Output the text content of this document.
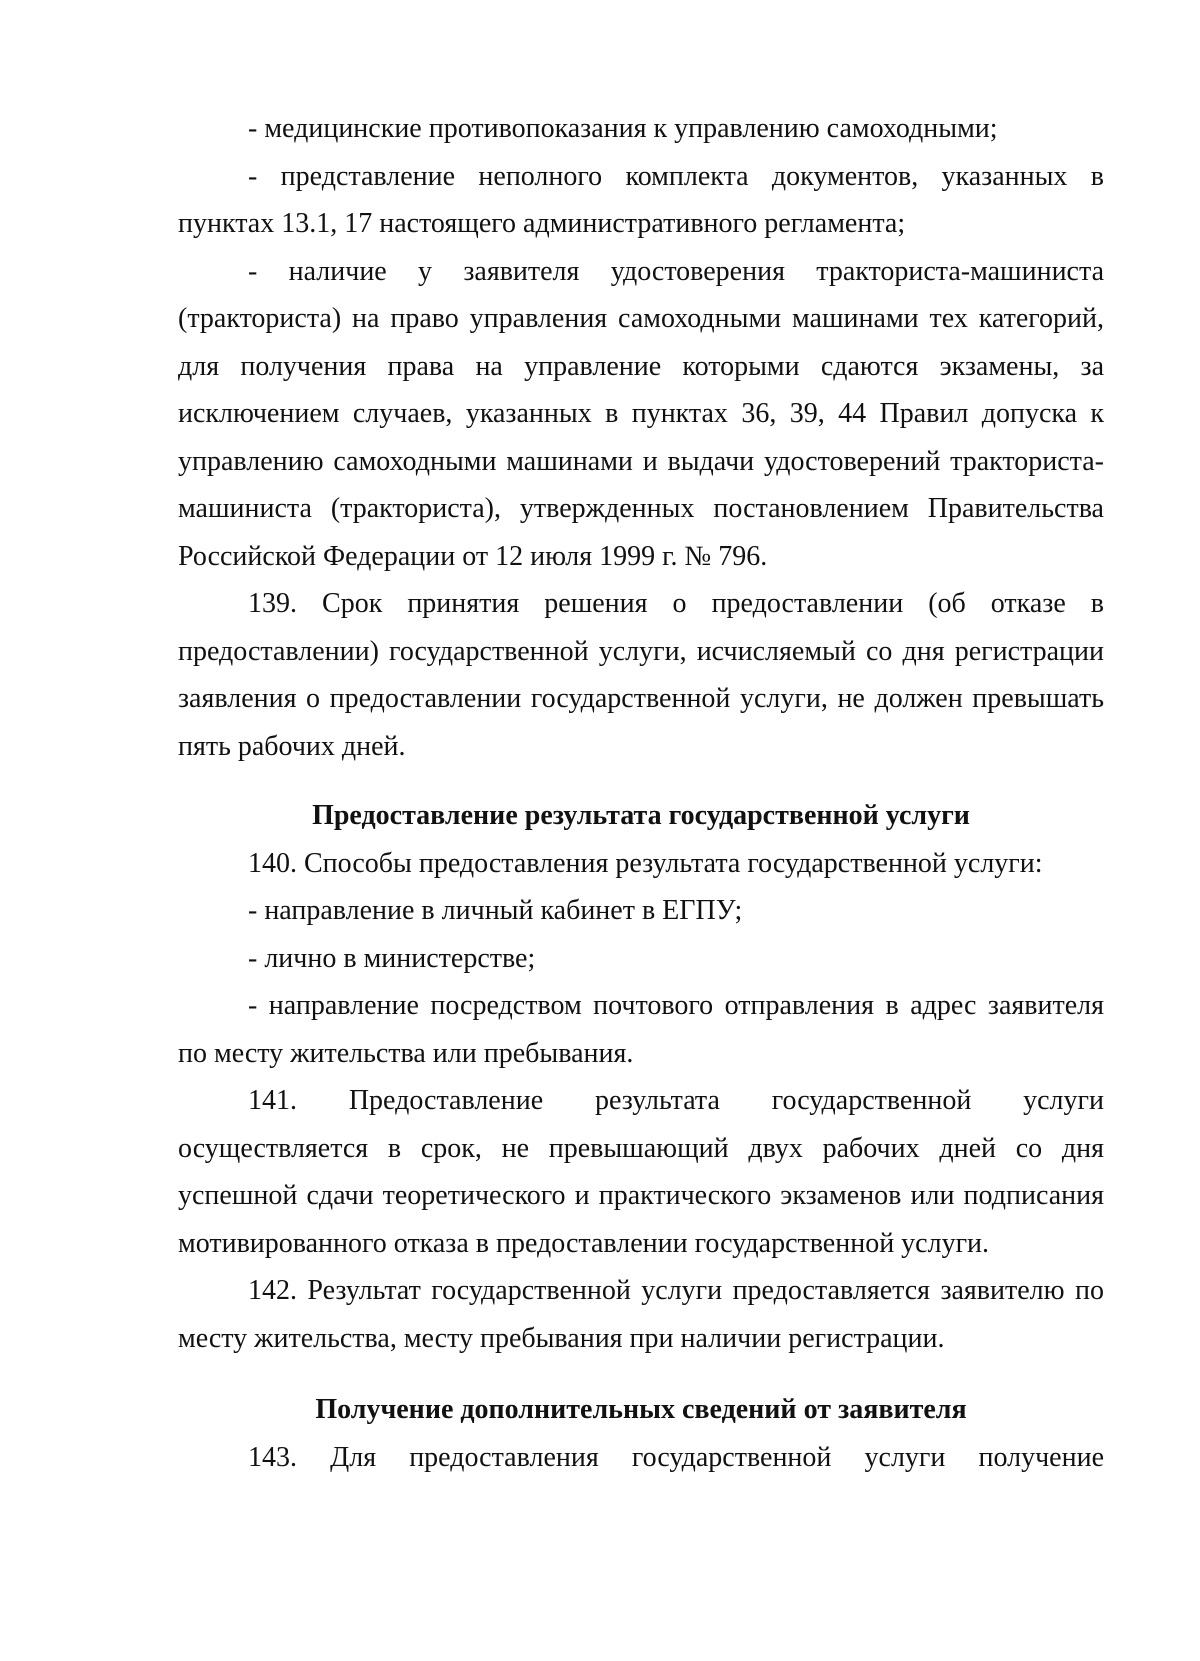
- медицинские противопоказания к управлению самоходными;

- представление неполного комплекта документов, указанных в пунктах 13.1, 17 настоящего административного регламента;

- наличие у заявителя удостоверения тракториста-машиниста (тракториста) на право управления самоходными машинами тех категорий, для получения права на управление которыми сдаются экзамены, за исключением случаев, указанных в пунктах 36, 39, 44 Правил допуска к управлению самоходными машинами и выдачи удостоверений тракториста-машиниста (тракториста), утвержденных постановлением Правительства Российской Федерации от 12 июля 1999 г. № 796.

139. Срок принятия решения о предоставлении (об отказе в предоставлении) государственной услуги, исчисляемый со дня регистрации заявления о предоставлении государственной услуги, не должен превышать пять рабочих дней.

Предоставление результата государственной услуги

140. Способы предоставления результата государственной услуги:

- направление в личный кабинет в ЕГПУ;

- лично в министерстве;

- направление посредством почтового отправления в адрес заявителя по месту жительства или пребывания.

141. Предоставление результата государственной услуги осуществляется в срок, не превышающий двух рабочих дней со дня успешной сдачи теоретического и практического экзаменов или подписания мотивированного отказа в предоставлении государственной услуги.

142. Результат государственной услуги предоставляется заявителю по месту жительства, месту пребывания при наличии регистрации.

Получение дополнительных сведений от заявителя

143. Для предоставления государственной услуги получение
